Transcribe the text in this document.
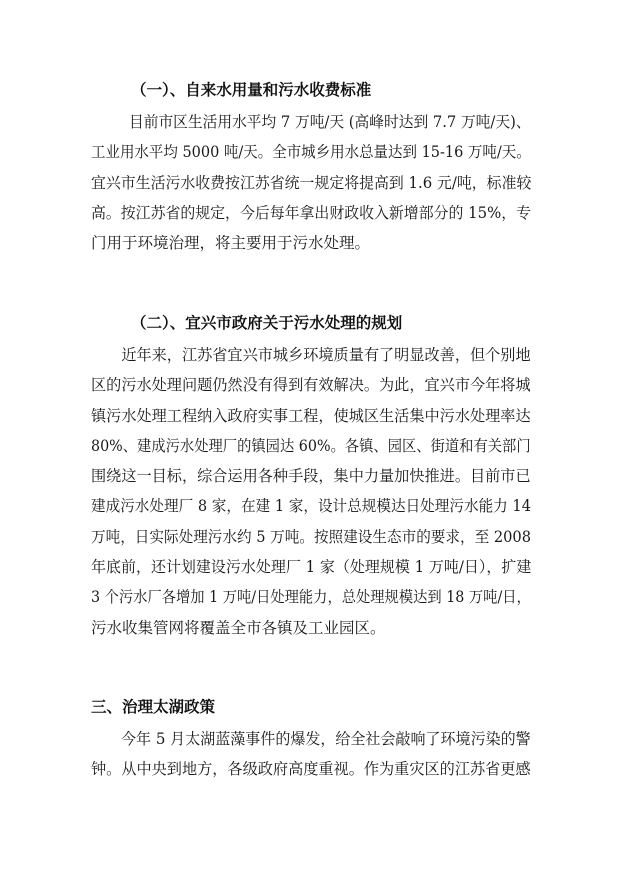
（一）、自来水用量和污水收费标准
目前市区生活用水平均 7 万吨/天 (高峰时达到 7.7 万吨/天)、
工业用水平均 5000 吨/天。全市城乡用水总量达到 15-16 万吨/天。
宜兴市生活污水收费按江苏省统一规定将提高到 1.6 元/吨，标准较
高。按江苏省的规定，今后每年拿出财政收入新增部分的 15%，专
门用于环境治理，将主要用于污水处理。
（二）、宜兴市政府关于污水处理的规划
近年来，江苏省宜兴市城乡环境质量有了明显改善，但个别地
区的污水处理问题仍然没有得到有效解决。为此，宜兴市今年将城
镇污水处理工程纳入政府实事工程，使城区生活集中污水处理率达
80%、建成污水处理厂的镇园达 60%。各镇、园区、街道和有关部门
围绕这一目标，综合运用各种手段，集中力量加快推进。目前市已
建成污水处理厂 8 家，在建 1 家，设计总规模达日处理污水能力 14
万吨，日实际处理污水约 5 万吨。按照建设生态市的要求，至 2008
年底前，还计划建设污水处理厂 1 家（处理规模 1 万吨/日），扩建
3 个污水厂各增加 1 万吨/日处理能力，总处理规模达到 18 万吨/日，
污水收集管网将覆盖全市各镇及工业园区。
三、治理太湖政策
今年 5 月太湖蓝藻事件的爆发，给全社会敲响了环境污染的警
钟。从中央到地方，各级政府高度重视。作为重灾区的江苏省更感
